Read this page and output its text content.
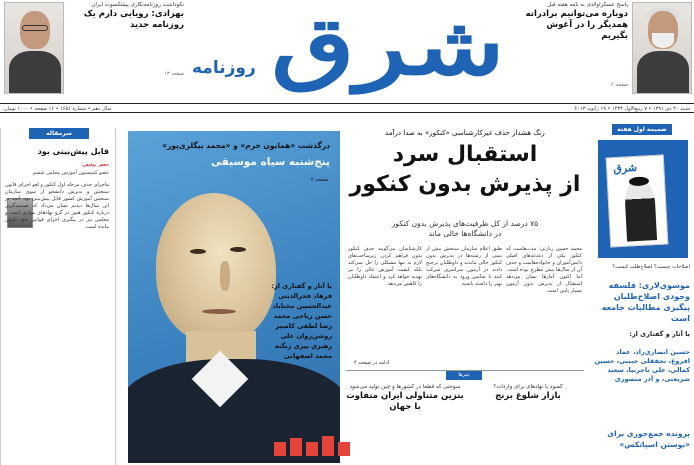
پاسخ عسگراولادی به نامه هفته قبل
دوباره می‌توانیم برادرانه همدیگر را در آغوش بگیریم
صفحه ۲
نکوداشت روزنامه‌نگاری پیشکسوت ایران
بهزادی: رویایی دارم یک روزنامه جدید
صفحه ۱۳	شرق
روزنامه
شنبه ۳۰ دی ۱۳۹۱ • ۷ ربیع‌الاول ۱۴۳۴ • ۱۹ ژانویه ۲۰۱۳
سال دهم • شماره ۱۶۵۱ • ۱۶ صفحه • ۱۰۰۰ تومان
سرمقاله
قابل پیش‌بینی بود
جعفر توفیقی
عضو کمیسیون آموزش مجلس ششم
ماجرای حذف مرحله اول کنکور و لغو اجرای قانون سنجش و پذیرش دانشجو از سوی سازمان سنجش آموزش کشور قابل پیش‌بینی بود. آنچه در این سال‌ها دیدیم نشان می‌داد که تصمیم‌گیری درباره کنکور هنوز در گرو نهادهای موازی است و مجلس نیز در پیگیری اجرای قوانین خود ناتوان مانده است.
درگذشت «همایون خرم» و «محمد بیگلری‌پور»
پنج‌شنبه سیاه موسیقی
صفحه ۲
با آثار و گفتاری از: فرهاد فخرالدینی عبدالحسین مختاباد حسن ریاحی محمد رضا لطفی کامبیز روشن‌روان علی رهبری پیری زنگنه محمد اصفهانی
زنگ هشدار حذف غیرکارشناسی «کنکور» به صدا درآمد
استقبال سرد
از پذیرش بدون کنکور
۷۵ درصد از کل ظرفیت‌های پذیرش بدون کنکور
در دانشگاه‌ها خالی ماند
محمد حسین زیارتی: مدت‌هاست که کنکور یکی از دغدغه‌های اصلی دانش‌آموزان و خانواده‌هاست و حذف آن از سال‌ها پیش مطرح بوده است. اما اکنون آمارها نشان می‌دهد استقبال از پذیرش بدون آزمون بسیار پایین است.
طبق اعلام سازمان سنجش بیش از نیمی از رشته‌ها در پذیرش بدون کنکور خالی ماندند و داوطلبان ترجیح دادند در آزمون سراسری شرکت کنند تا شانس ورود به دانشگاه‌های بهتر را داشته باشند.
کارشناسان می‌گویند حذف کنکور بدون فراهم کردن زیرساخت‌های لازم نه تنها مشکلی را حل نمی‌کند بلکه کیفیت آموزش عالی را نیز تهدید خواهد کرد و اعتماد داوطلبان را کاهش می‌دهد.
ادامه در صفحه ۴
ضمیمه اول هفته
شرق
اصلاحات چیست؟ اصلاح‌طلب کیست؟
موسوی‌لاری: فلسفه وجودی اصلاح‌طلبان پیگیری مطالبات جامعه است
با آثار و گفتاری از:
حسین انصاری‌راد، عماد افروغ، نجفقلی حبیبی، حسین کمالی، علی تاجرنیا، سعید شریعتی، و آذر منصوری
پرونده جمع‌جوری برای «بوستن اسپاتکس»
تیترها
کمبود یا نهادهای برای واردات؟
بازار شلوغ برنج
سوختی که قطعا در کشورها و چین تولید می‌شود
بنزین متناولی ایران متفاوت با جهان
